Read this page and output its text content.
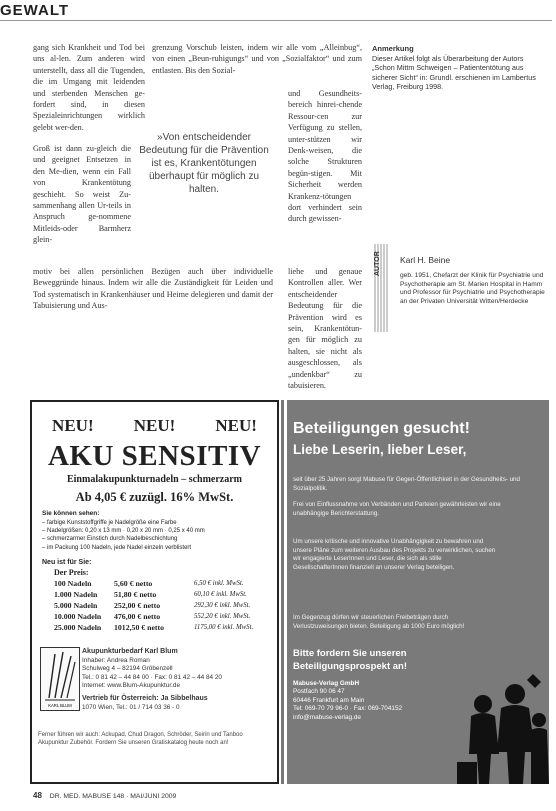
GEWALT

gang sich Krankheit und Tod bei uns al-len. Zum anderen wird unterstellt, dass all die Tugenden, die im Umgang mit leidenden und sterbenden Menschen ge-fordert sind, in diesen Spezialeinrichtungen wirklich gelebt wer-den.

Groß ist dann zu-gleich die und geeignet Entsetzen in den Me-dien, wenn ein Fall von Krankentötung geschieht. So weist Zu-sammenhang allen Ur-teils in Anspruch ge-nommene Mitleids-oder Barmherz glein-

motiv bei allen persönlichen Bezügen auch über individuelle Beweggründe hinaus. Indem wir alle die Zuständigkeit für Leiden und Tod systematisch in Krankenhäuser und Heime delegieren und damit der Tabuisierung und Aus-

grenzung Vorschub leisten, indem wir alle vom „Alleinbug“, von einen „Beun-ruhigungs“ und von „Sozialfaktor“ und zum entlasten. Bis den Sozial-

und Gesundheits-bereich hinrei-chende Ressour-cen zur Verfügung zu stellen, unter-stützen wir Denk-weisen, die solche Strukturen begün-stigen. Mit Sicherheit werden Krankenz-tötungen dort verhindert sein durch gewissen-

liehe und genaue Kontrollen aller. Wer entscheidender Bedeutung für die Prävention wird es sein, Krankentötun-gen für möglich zu halten, sie nicht als ausgeschlossen, als „undenkbar“ zu tabuisieren.

»Von entscheidender Bedeutung für die Prävention ist es, Krankentötungen überhaupt für möglich zu halten.
Anmerkung
Dieser Artikel folgt als Überarbeitung der Autors „Schon Mittm Schweigen – Patiententötung aus sicherer Sicht“ in: Grundl. erschienen im Lambertus Verlag, Freiburg 1998.
AUTOR	Karl H. Beine
geb. 1951, Chefarzt der Klinik für Psychiatrie und Psychotherapie am St. Marien Hospital in Hamm und Professor für Psychiatrie und Psychotherapie an der Privaten Universität Witten/Herdecke
NEU! NEU! NEU!
AKU SENSITIV
Einmalakupunkturnadeln – schmerzarm
Ab 4,05 € zuzügl. 16% MwSt.
Sie können sehen:
– farbige Kunststoffgriffe je Nadelgröße eine Farbe
– Nadelgrößen: 0,20 x 13 mm · 0,20 x 20 mm · 0,25 x 40 mm
– schmerzarmer Einstich durch Nadelbeschichtung
– im Packung 100 Nadeln, jede Nadel einzeln verblistert
Neu ist für Sie:
Der Preis:
100 Nadeln	5,60 € netto	6,50 € inkl. MwSt.
1.000 Nadeln	51,80 € netto	60,10 € inkl. MwSt.
5.000 Nadeln	252,00 € netto	292,30 € inkl. MwSt.
10.000 Nadeln	476,00 € netto	552,20 € inkl. MwSt.
25.000 Nadeln	1012,50 € netto	1175,00 € inkl. MwSt.
KARL BLUM
Akupunkturbedarf Karl Blum
Inhaber: Andrea Roman
Schulweg 4 – 82194 Gröbenzell
Tel.: 0 81 42 – 44 84 00 · Fax: 0 81 42 – 44 84 20
Internet: www.Blum-Akupunktur.de
Vertrieb für Österreich: Ja Sibbelhaus
1070 Wien, Tel.: 01 / 714 03 36 - 0
Ferner führen wir auch: Ackupad, Chud Dragon, Schröder, Seirin und Tanboo Akupunktur Zubehör. Fordern Sie unseren Gratiskatalog heute noch an!
Beteiligungen gesucht!
Liebe Leserin, lieber Leser,
seit über 25 Jahren sorgt Mabuse für Gegen-Öffentlichkeit in der Gesundheits- und Sozialpolitik.
Frei von Einflussnahme von Verbänden und Parteien gewährleisten wir eine unabhängige Berichterstattung.
Um unsere kritische und innovative Unabhängigkeit zu bewahren und unsere Pläne zum weiteren Ausbau des Projekts zu verwirklichen, suchen wir engagierte LeserInnen und Leser, die sich als stille GesellschafterInnen finanziell an unserer Verlag beteiligen.
Im Gegenzug dürfen wir steuerlichen Freibeträgen durch Verlustzuweisungen bieten. Beteiligung ab 1000 Euro möglich!
Bitte fordern Sie unseren Beteiligungsprospekt an!
Mabuse-Verlag GmbH
Postfach 90 06 47
60446 Frankfurt am Main
Tel: 069-70 79 96-0 · Fax: 069-704152
info@mabuse-verlag.de
48 DR. MED. MABUSE 148 · MAI/JUNI 2009
